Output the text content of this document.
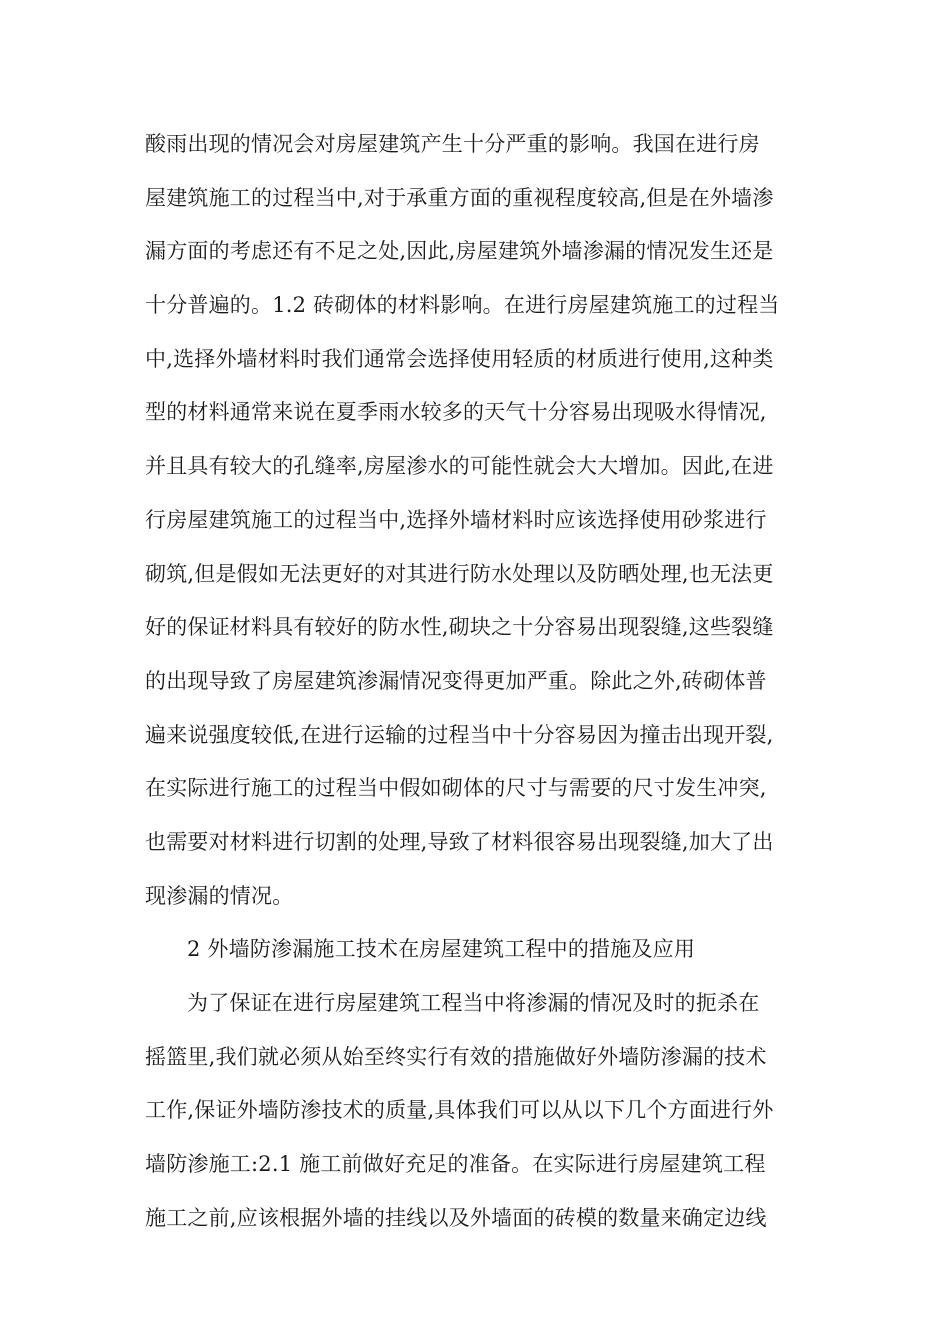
酸雨出现的情况会对房屋建筑产生十分严重的影响。我国在进行房
屋建筑施工的过程当中,对于承重方面的重视程度较高,但是在外墙渗
漏方面的考虑还有不足之处,因此,房屋建筑外墙渗漏的情况发生还是
十分普遍的。1.2 砖砌体的材料影响。在进行房屋建筑施工的过程当
中,选择外墙材料时我们通常会选择使用轻质的材质进行使用,这种类
型的材料通常来说在夏季雨水较多的天气十分容易出现吸水得情况,
并且具有较大的孔缝率,房屋渗水的可能性就会大大增加。因此,在进
行房屋建筑施工的过程当中,选择外墙材料时应该选择使用砂浆进行
砌筑,但是假如无法更好的对其进行防水处理以及防晒处理,也无法更
好的保证材料具有较好的防水性,砌块之十分容易出现裂缝,这些裂缝
的出现导致了房屋建筑渗漏情况变得更加严重。除此之外,砖砌体普
遍来说强度较低,在进行运输的过程当中十分容易因为撞击出现开裂,
在实际进行施工的过程当中假如砌体的尺寸与需要的尺寸发生冲突,
也需要对材料进行切割的处理,导致了材料很容易出现裂缝,加大了出
现渗漏的情况。
2 外墙防渗漏施工技术在房屋建筑工程中的措施及应用
为了保证在进行房屋建筑工程当中将渗漏的情况及时的扼杀在
摇篮里,我们就必须从始至终实行有效的措施做好外墙防渗漏的技术
工作,保证外墙防渗技术的质量,具体我们可以从以下几个方面进行外
墙防渗施工:2.1 施工前做好充足的准备。在实际进行房屋建筑工程
施工之前,应该根据外墙的挂线以及外墙面的砖模的数量来确定边线
